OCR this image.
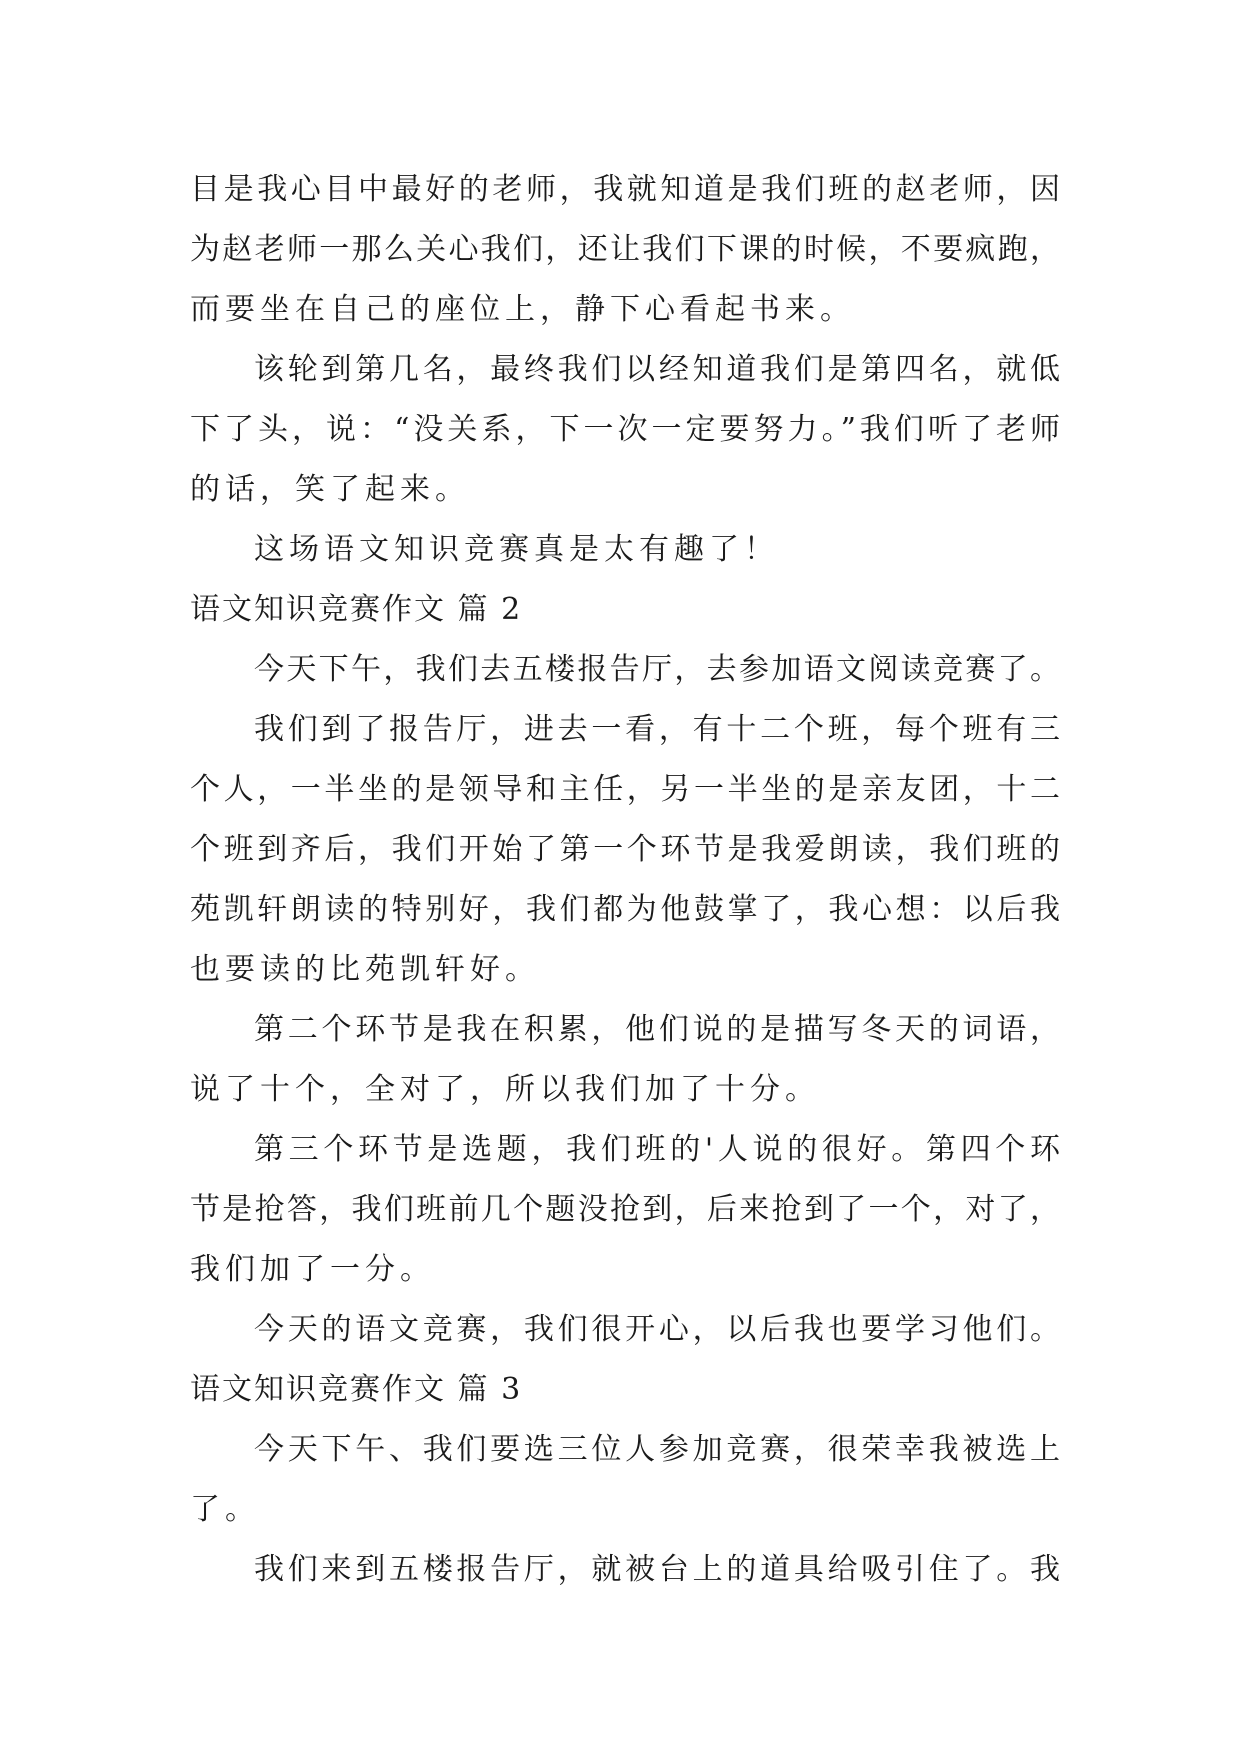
目是我心目中最好的老师，我就知道是我们班的赵老师，因
为赵老师一那么关心我们，还让我们下课的时候，不要疯跑，
而要坐在自己的座位上，静下心看起书来。
该轮到第几名，最终我们以经知道我们是第四名，就低
下了头，说：“没关系，下一次一定要努力。”我们听了老师
的话，笑了起来。
这场语文知识竞赛真是太有趣了！
语文知识竞赛作文 篇 2
今天下午，我们去五楼报告厅，去参加语文阅读竞赛了。
我们到了报告厅，进去一看，有十二个班，每个班有三
个人，一半坐的是领导和主任，另一半坐的是亲友团，十二
个班到齐后，我们开始了第一个环节是我爱朗读，我们班的
苑凯轩朗读的特别好，我们都为他鼓掌了，我心想：以后我
也要读的比苑凯轩好。
第二个环节是我在积累，他们说的是描写冬天的词语，
说了十个，全对了，所以我们加了十分。
第三个环节是选题，我们班的'人说的很好。第四个环
节是抢答，我们班前几个题没抢到，后来抢到了一个，对了，
我们加了一分。
今天的语文竞赛，我们很开心，以后我也要学习他们。
语文知识竞赛作文 篇 3
今天下午、我们要选三位人参加竞赛，很荣幸我被选上
了。
我们来到五楼报告厅，就被台上的道具给吸引住了。我
